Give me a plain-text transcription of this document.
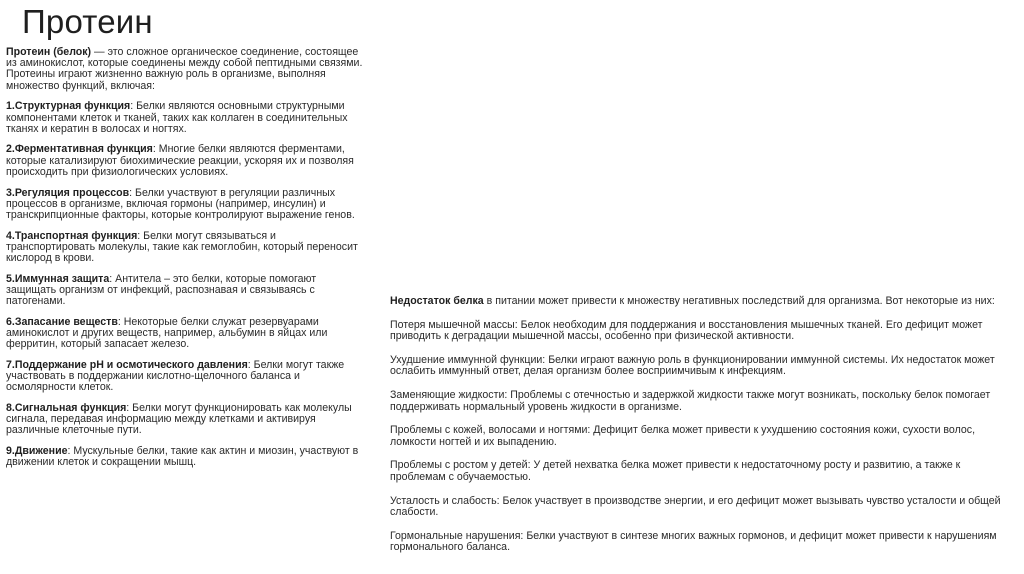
Протеин

Протеин (белок) — это сложное органическое соединение, состоящее из аминокислот, которые соединены между собой пептидными связями. Протеины играют жизненно важную роль в организме, выполняя множество функций, включая:

1.Структурная функция: Белки являются основными структурными компонентами клеток и тканей, таких как коллаген в соединительных тканях и кератин в волосах и ногтях.

2.Ферментативная функция: Многие белки являются ферментами, которые катализируют биохимические реакции, ускоряя их и позволяя происходить при физиологических условиях.

3.Регуляция процессов: Белки участвуют в регуляции различных процессов в организме, включая гормоны (например, инсулин) и транскрипционные факторы, которые контролируют выражение генов.

4.Транспортная функция: Белки могут связываться и транспортировать молекулы, такие как гемоглобин, который переносит кислород в крови.

5.Иммунная защита: Антитела – это белки, которые помогают защищать организм от инфекций, распознавая и связываясь с патогенами.

6.Запасание веществ: Некоторые белки служат резервуарами аминокислот и других веществ, например, альбумин в яйцах или ферритин, который запасает железо.

7.Поддержание pH и осмотического давления: Белки могут также участвовать в поддержании кислотно-щелочного баланса и осмолярности клеток.

8.Сигнальная функция: Белки могут функционировать как молекулы сигнала, передавая информацию между клетками и активируя различные клеточные пути.

9.Движение: Мускульные белки, такие как актин и миозин, участвуют в движении клеток и сокращении мышц.

Недостаток белка в питании может привести к множеству негативных последствий для организма. Вот некоторые из них:

Потеря мышечной массы: Белок необходим для поддержания и восстановления мышечных тканей. Его дефицит может приводить к деградации мышечной массы, особенно при физической активности.

Ухудшение иммунной функции: Белки играют важную роль в функционировании иммунной системы. Их недостаток может ослабить иммунный ответ, делая организм более восприимчивым к инфекциям.

Заменяющие жидкости: Проблемы с отечностью и задержкой жидкости также могут возникать, поскольку белок помогает поддерживать нормальный уровень жидкости в организме.

Проблемы с кожей, волосами и ногтями: Дефицит белка может привести к ухудшению состояния кожи, сухости волос, ломкости ногтей и их выпадению.

Проблемы с ростом у детей: У детей нехватка белка может привести к недостаточному росту и развитию, а также к проблемам с обучаемостью.

Усталость и слабость: Белок участвует в производстве энергии, и его дефицит может вызывать чувство усталости и общей слабости.

Гормональные нарушения: Белки участвуют в синтезе многих важных гормонов, и дефицит может привести к нарушениям гормонального баланса.
